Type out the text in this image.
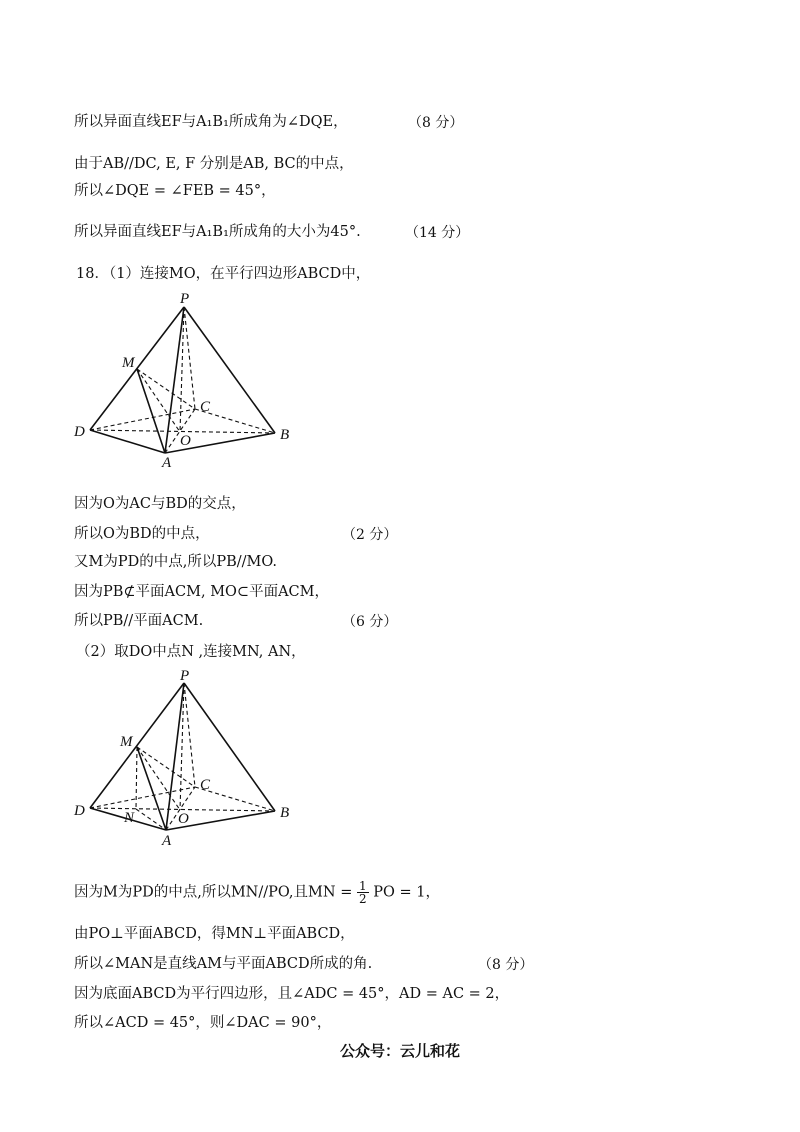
所以异面直线EF与A₁B₁所成角为∠DQE，	（8 分）
由于AB//DC, E, F 分别是AB, BC的中点，
所以∠DQE = ∠FEB = 45°，
所以异面直线EF与A₁B₁所成角的大小为45°.	（14 分）
18．（1）连接MO，在平行四边形ABCD中，
P
M
C
D
O
A
B
因为O为AC与BD的交点，
所以O为BD的中点，	（2 分）
又M为PD的中点,所以PB//MO.
因为PB⊄平面ACM, MO⊂平面ACM，
所以PB//平面ACM.	（6 分）
（2）取DO中点N ,连接MN, AN，
P
M
C
D	N	O
A
B
因为M为PD的中点,所以MN//PO,且MN = $\frac{1}{2}$ PO = 1，
由PO⊥平面ABCD，得MN⊥平面ABCD，
所以∠MAN是直线AM与平面ABCD所成的角.	（8 分）
因为底面ABCD为平行四边形，且∠ADC = 45°，AD = AC = 2，
所以∠ACD = 45°，则∠DAC = 90°，
公众号：云儿和花
